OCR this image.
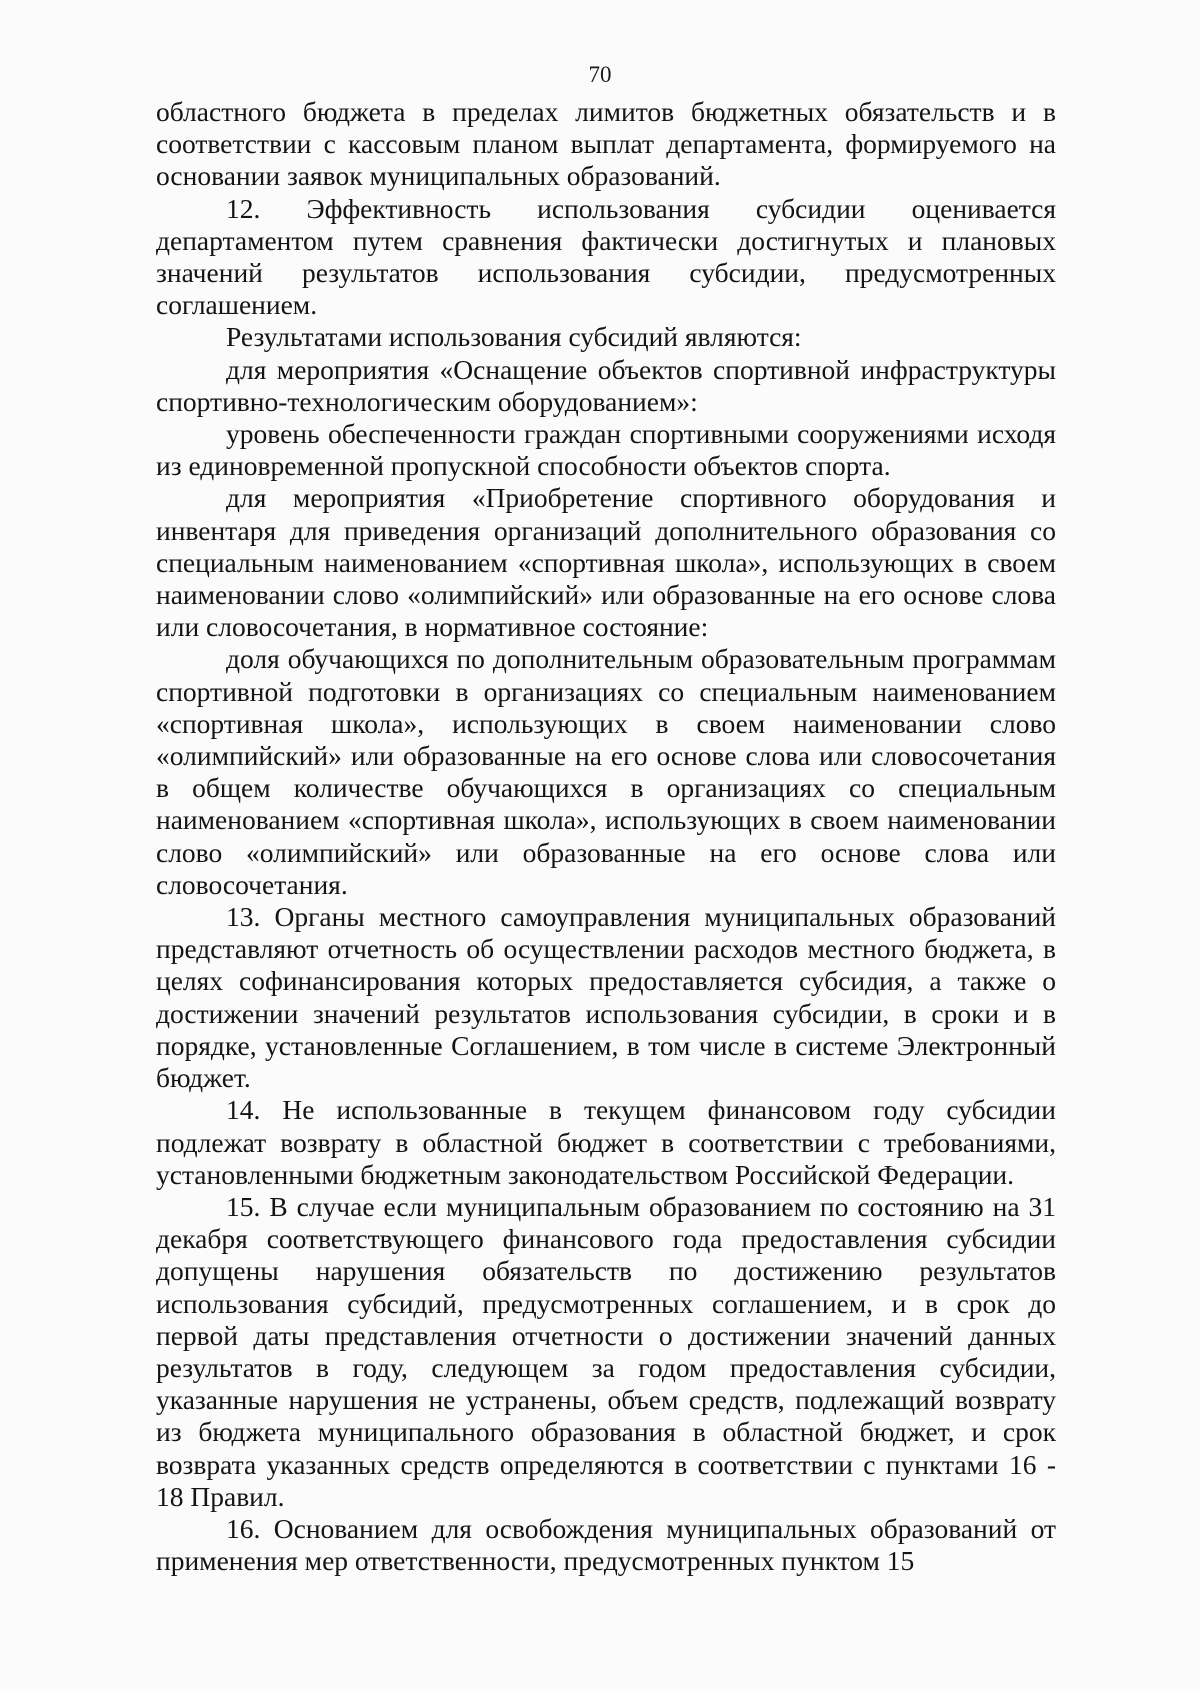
70

областного бюджета в пределах лимитов бюджетных обязательств и в соответствии с кассовым планом выплат департамента, формируемого на основании заявок муниципальных образований.

12. Эффективность использования субсидии оценивается департаментом путем сравнения фактически достигнутых и плановых значений результатов использования субсидии, предусмотренных соглашением.

Результатами использования субсидий являются:

для мероприятия «Оснащение объектов спортивной инфраструктуры спортивно-технологическим оборудованием»:

уровень обеспеченности граждан спортивными сооружениями исходя из единовременной пропускной способности объектов спорта.

для мероприятия «Приобретение спортивного оборудования и инвентаря для приведения организаций дополнительного образования со специальным наименованием «спортивная школа», использующих в своем наименовании слово «олимпийский» или образованные на его основе слова или словосочетания, в нормативное состояние:

доля обучающихся по дополнительным образовательным программам спортивной подготовки в организациях со специальным наименованием «спортивная школа», использующих в своем наименовании слово «олимпийский» или образованные на его основе слова или словосочетания в общем количестве обучающихся в организациях со специальным наименованием «спортивная школа», использующих в своем наименовании слово «олимпийский» или образованные на его основе слова или словосочетания.

13. Органы местного самоуправления муниципальных образований представляют отчетность об осуществлении расходов местного бюджета, в целях софинансирования которых предоставляется субсидия, а также о достижении значений результатов использования субсидии, в сроки и в порядке, установленные Соглашением, в том числе в системе Электронный бюджет.

14. Не использованные в текущем финансовом году субсидии подлежат возврату в областной бюджет в соответствии с требованиями, установленными бюджетным законодательством Российской Федерации.

15. В случае если муниципальным образованием по состоянию на 31 декабря соответствующего финансового года предоставления субсидии допущены нарушения обязательств по достижению результатов использования субсидий, предусмотренных соглашением, и в срок до первой даты представления отчетности о достижении значений данных результатов в году, следующем за годом предоставления субсидии, указанные нарушения не устранены, объем средств, подлежащий возврату из бюджета муниципального образования в областной бюджет, и срок возврата указанных средств определяются в соответствии с пунктами 16 - 18 Правил.

16. Основанием для освобождения муниципальных образований от применения мер ответственности, предусмотренных пунктом 15
